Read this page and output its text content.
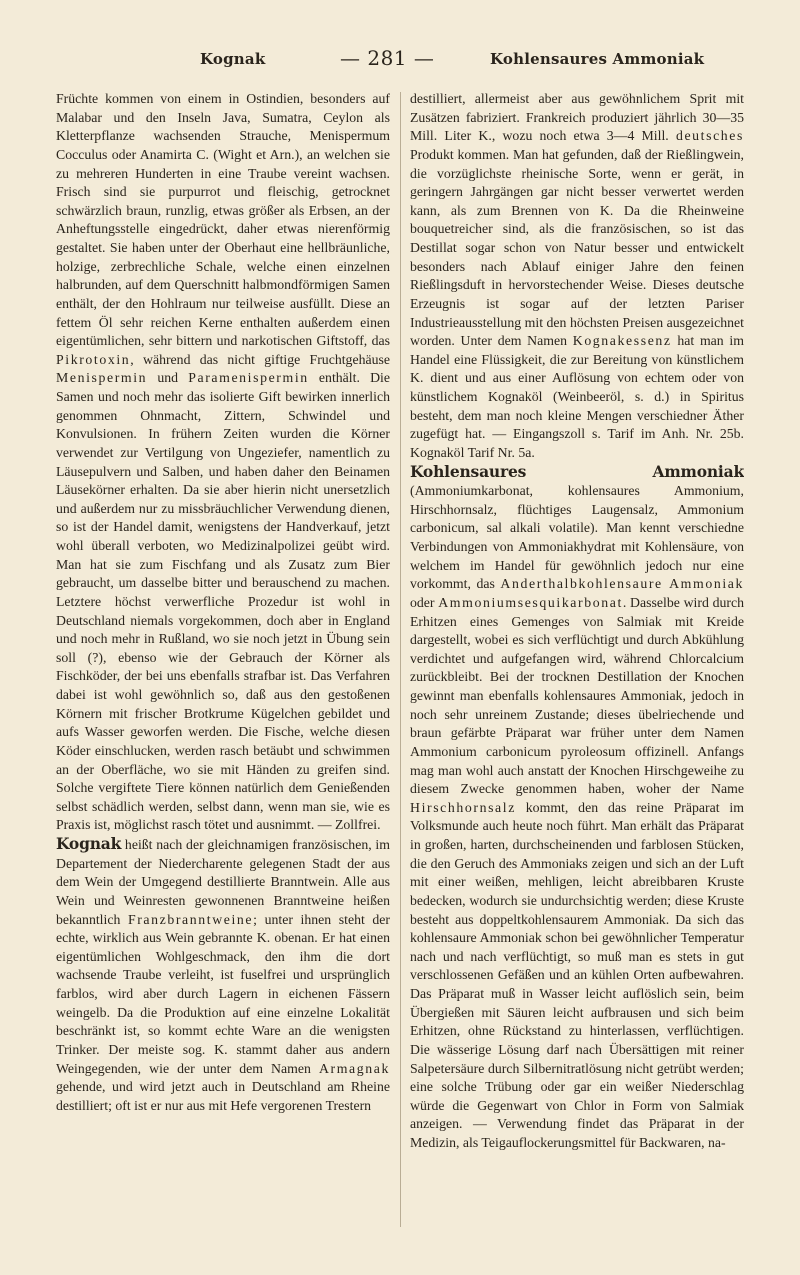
Kognak	— 281 —	Kohlensaures Ammoniak

Früchte kommen von einem in Ostindien, besonders auf Malabar und den Inseln Java, Sumatra, Ceylon als Kletterpflanze wachsenden Strauche, Menispermum Cocculus oder Anamirta C. (Wight et Arn.), an welchen sie zu mehreren Hunderten in eine Traube vereint wachsen. Frisch sind sie purpurrot und fleischig, getrocknet schwärzlich braun, runzlig, etwas größer als Erbsen, an der Anheftungsstelle eingedrückt, daher etwas nierenförmig gestaltet. Sie haben unter der Oberhaut eine hellbräunliche, holzige, zerbrechliche Schale, welche einen einzelnen halbrunden, auf dem Querschnitt halbmondförmigen Samen enthält, der den Hohlraum nur teilweise ausfüllt. Diese an fettem Öl sehr reichen Kerne enthalten außerdem einen eigentümlichen, sehr bittern und narkotischen Giftstoff, das Pikrotoxin, während das nicht giftige Fruchtgehäuse Menispermin und Paramenispermin enthält. Die Samen und noch mehr das isolierte Gift bewirken innerlich genommen Ohnmacht, Zittern, Schwindel und Konvulsionen. In frühern Zeiten wurden die Körner verwendet zur Vertilgung von Ungeziefer, namentlich zu Läusepulvern und Salben, und haben daher den Beinamen Läusekörner erhalten. Da sie aber hierin nicht unersetzlich und außerdem nur zu missbräuchlicher Verwendung dienen, so ist der Handel damit, wenigstens der Handverkauf, jetzt wohl überall verboten, wo Medizinalpolizei geübt wird. Man hat sie zum Fischfang und als Zusatz zum Bier gebraucht, um dasselbe bitter und berauschend zu machen. Letztere höchst verwerfliche Prozedur ist wohl in Deutschland niemals vorgekommen, doch aber in England und noch mehr in Rußland, wo sie noch jetzt in Übung sein soll (?), ebenso wie der Gebrauch der Körner als Fischköder, der bei uns ebenfalls strafbar ist. Das Verfahren dabei ist wohl gewöhnlich so, daß aus den gestoßenen Körnern mit frischer Brotkrume Kügelchen gebildet und aufs Wasser geworfen werden. Die Fische, welche diesen Köder einschlucken, werden rasch betäubt und schwimmen an der Oberfläche, wo sie mit Händen zu greifen sind. Solche vergiftete Tiere können natürlich dem Genießenden selbst schädlich werden, selbst dann, wenn man sie, wie es Praxis ist, möglichst rasch tötet und ausnimmt. — Zollfrei.

Kognak heißt nach der gleichnamigen französischen, im Departement der Niedercharente gelegenen Stadt der aus dem Wein der Umgegend destillierte Branntwein. Alle aus Wein und Weinresten gewonnenen Branntweine heißen bekanntlich Franzbranntweine; unter ihnen steht der echte, wirklich aus Wein gebrannte K. obenan. Er hat einen eigentümlichen Wohlgeschmack, den ihm die dort wachsende Traube verleiht, ist fuselfrei und ursprünglich farblos, wird aber durch Lagern in eichenen Fässern weingelb. Da die Produktion auf eine einzelne Lokalität beschränkt ist, so kommt echte Ware an die wenigsten Trinker. Der meiste sog. K. stammt daher aus andern Weingegenden, wie der unter dem Namen Armagnak gehende, und wird jetzt auch in Deutschland am Rheine destilliert; oft ist er nur aus mit Hefe vergorenen Trestern

destilliert, allermeist aber aus gewöhnlichem Sprit mit Zusätzen fabriziert. Frankreich produziert jährlich 30—35 Mill. Liter K., wozu noch etwa 3—4 Mill. deutsches Produkt kommen. Man hat gefunden, daß der Rießlingwein, die vorzüglichste rheinische Sorte, wenn er gerät, in geringern Jahrgängen gar nicht besser verwertet werden kann, als zum Brennen von K. Da die Rheinweine bouquetreicher sind, als die französischen, so ist das Destillat sogar schon von Natur besser und entwickelt besonders nach Ablauf einiger Jahre den feinen Rießlingsduft in hervorstechender Weise. Dieses deutsche Erzeugnis ist sogar auf der letzten Pariser Industrieausstellung mit den höchsten Preisen ausgezeichnet worden. Unter dem Namen Kognakessenz hat man im Handel eine Flüssigkeit, die zur Bereitung von künstlichem K. dient und aus einer Auflösung von echtem oder von künstlichem Kognaköl (Weinbeeröl, s. d.) in Spiritus besteht, dem man noch kleine Mengen verschiedner Äther zugefügt hat. — Eingangszoll s. Tarif im Anh. Nr. 25b. Kognaköl Tarif Nr. 5a.

Kohlensaures Ammoniak (Ammoniumkarbonat, kohlensaures Ammonium, Hirschhornsalz, flüchtiges Laugensalz, Ammonium carbonicum, sal alkali volatile). Man kennt verschiedne Verbindungen von Ammoniakhydrat mit Kohlensäure, von welchem im Handel für gewöhnlich jedoch nur eine vorkommt, das Anderthalbkohlensaure Ammoniak oder Ammoniumsesquikarbonat. Dasselbe wird durch Erhitzen eines Gemenges von Salmiak mit Kreide dargestellt, wobei es sich verflüchtigt und durch Abkühlung verdichtet und aufgefangen wird, während Chlorcalcium zurückbleibt. Bei der trocknen Destillation der Knochen gewinnt man ebenfalls kohlensaures Ammoniak, jedoch in noch sehr unreinem Zustande; dieses übelriechende und braun gefärbte Präparat war früher unter dem Namen Ammonium carbonicum pyroleosum offizinell. Anfangs mag man wohl auch anstatt der Knochen Hirschgeweihe zu diesem Zwecke genommen haben, woher der Name Hirschhornsalz kommt, den das reine Präparat im Volksmunde auch heute noch führt. Man erhält das Präparat in großen, harten, durchscheinenden und farblosen Stücken, die den Geruch des Ammoniaks zeigen und sich an der Luft mit einer weißen, mehligen, leicht abreibbaren Kruste bedecken, wodurch sie undurchsichtig werden; diese Kruste besteht aus doppeltkohlensaurem Ammoniak. Da sich das kohlensaure Ammoniak schon bei gewöhnlicher Temperatur nach und nach verflüchtigt, so muß man es stets in gut verschlossenen Gefäßen und an kühlen Orten aufbewahren. Das Präparat muß in Wasser leicht auflöslich sein, beim Übergießen mit Säuren leicht aufbrausen und sich beim Erhitzen, ohne Rückstand zu hinterlassen, verflüchtigen. Die wässerige Lösung darf nach Übersättigen mit reiner Salpetersäure durch Silbernitratlösung nicht getrübt werden; eine solche Trübung oder gar ein weißer Niederschlag würde die Gegenwart von Chlor in Form von Salmiak anzeigen. — Verwendung findet das Präparat in der Medizin, als Teigauflockerungsmittel für Backwaren, na-
